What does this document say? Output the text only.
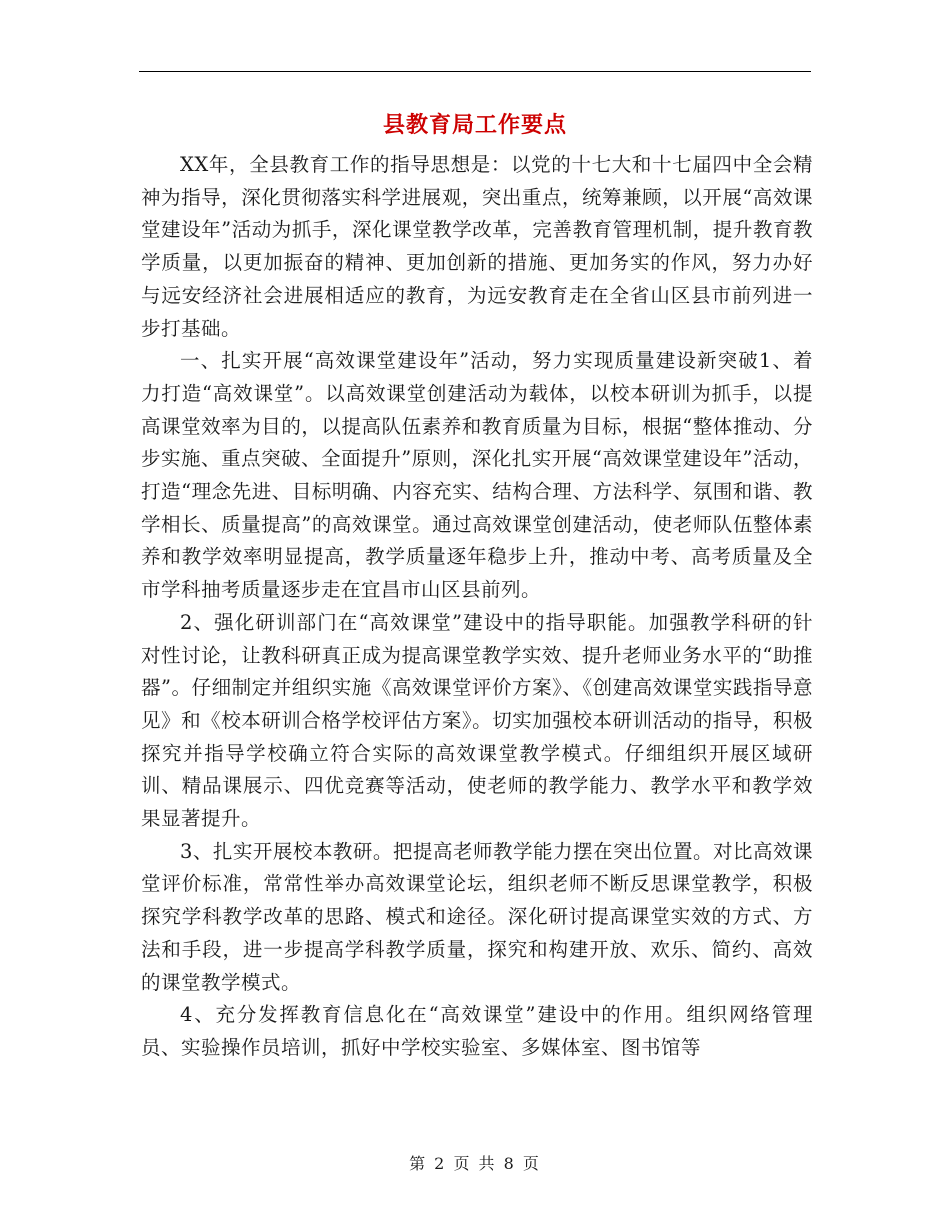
县教育局工作要点

XX年，全县教育工作的指导思想是：以党的十七大和十七届四中全会精神为指导，深化贯彻落实科学进展观，突出重点，统筹兼顾，以开展“高效课堂建设年”活动为抓手，深化课堂教学改革，完善教育管理机制，提升教育教学质量，以更加振奋的精神、更加创新的措施、更加务实的作风，努力办好与远安经济社会进展相适应的教育，为远安教育走在全省山区县市前列进一步打基础。

一、扎实开展“高效课堂建设年”活动，努力实现质量建设新突破1、着力打造“高效课堂”。以高效课堂创建活动为载体，以校本研训为抓手，以提高课堂效率为目的，以提高队伍素养和教育质量为目标，根据“整体推动、分步实施、重点突破、全面提升”原则，深化扎实开展“高效课堂建设年”活动，打造“理念先进、目标明确、内容充实、结构合理、方法科学、氛围和谐、教学相长、质量提高”的高效课堂。通过高效课堂创建活动，使老师队伍整体素养和教学效率明显提高，教学质量逐年稳步上升，推动中考、高考质量及全市学科抽考质量逐步走在宜昌市山区县前列。

2、强化研训部门在“高效课堂”建设中的指导职能。加强教学科研的针对性讨论，让教科研真正成为提高课堂教学实效、提升老师业务水平的“助推器”。仔细制定并组织实施《高效课堂评价方案》、《创建高效课堂实践指导意见》和《校本研训合格学校评估方案》。切实加强校本研训活动的指导，积极探究并指导学校确立符合实际的高效课堂教学模式。仔细组织开展区域研训、精品课展示、四优竞赛等活动，使老师的教学能力、教学水平和教学效果显著提升。

3、扎实开展校本教研。把提高老师教学能力摆在突出位置。对比高效课堂评价标准，常常性举办高效课堂论坛，组织老师不断反思课堂教学，积极探究学科教学改革的思路、模式和途径。深化研讨提高课堂实效的方式、方法和手段，进一步提高学科教学质量，探究和构建开放、欢乐、简约、高效的课堂教学模式。

4、充分发挥教育信息化在“高效课堂”建设中的作用。组织网络管理员、实验操作员培训，抓好中学校实验室、多媒体室、图书馆等

第 2 页 共 8 页
